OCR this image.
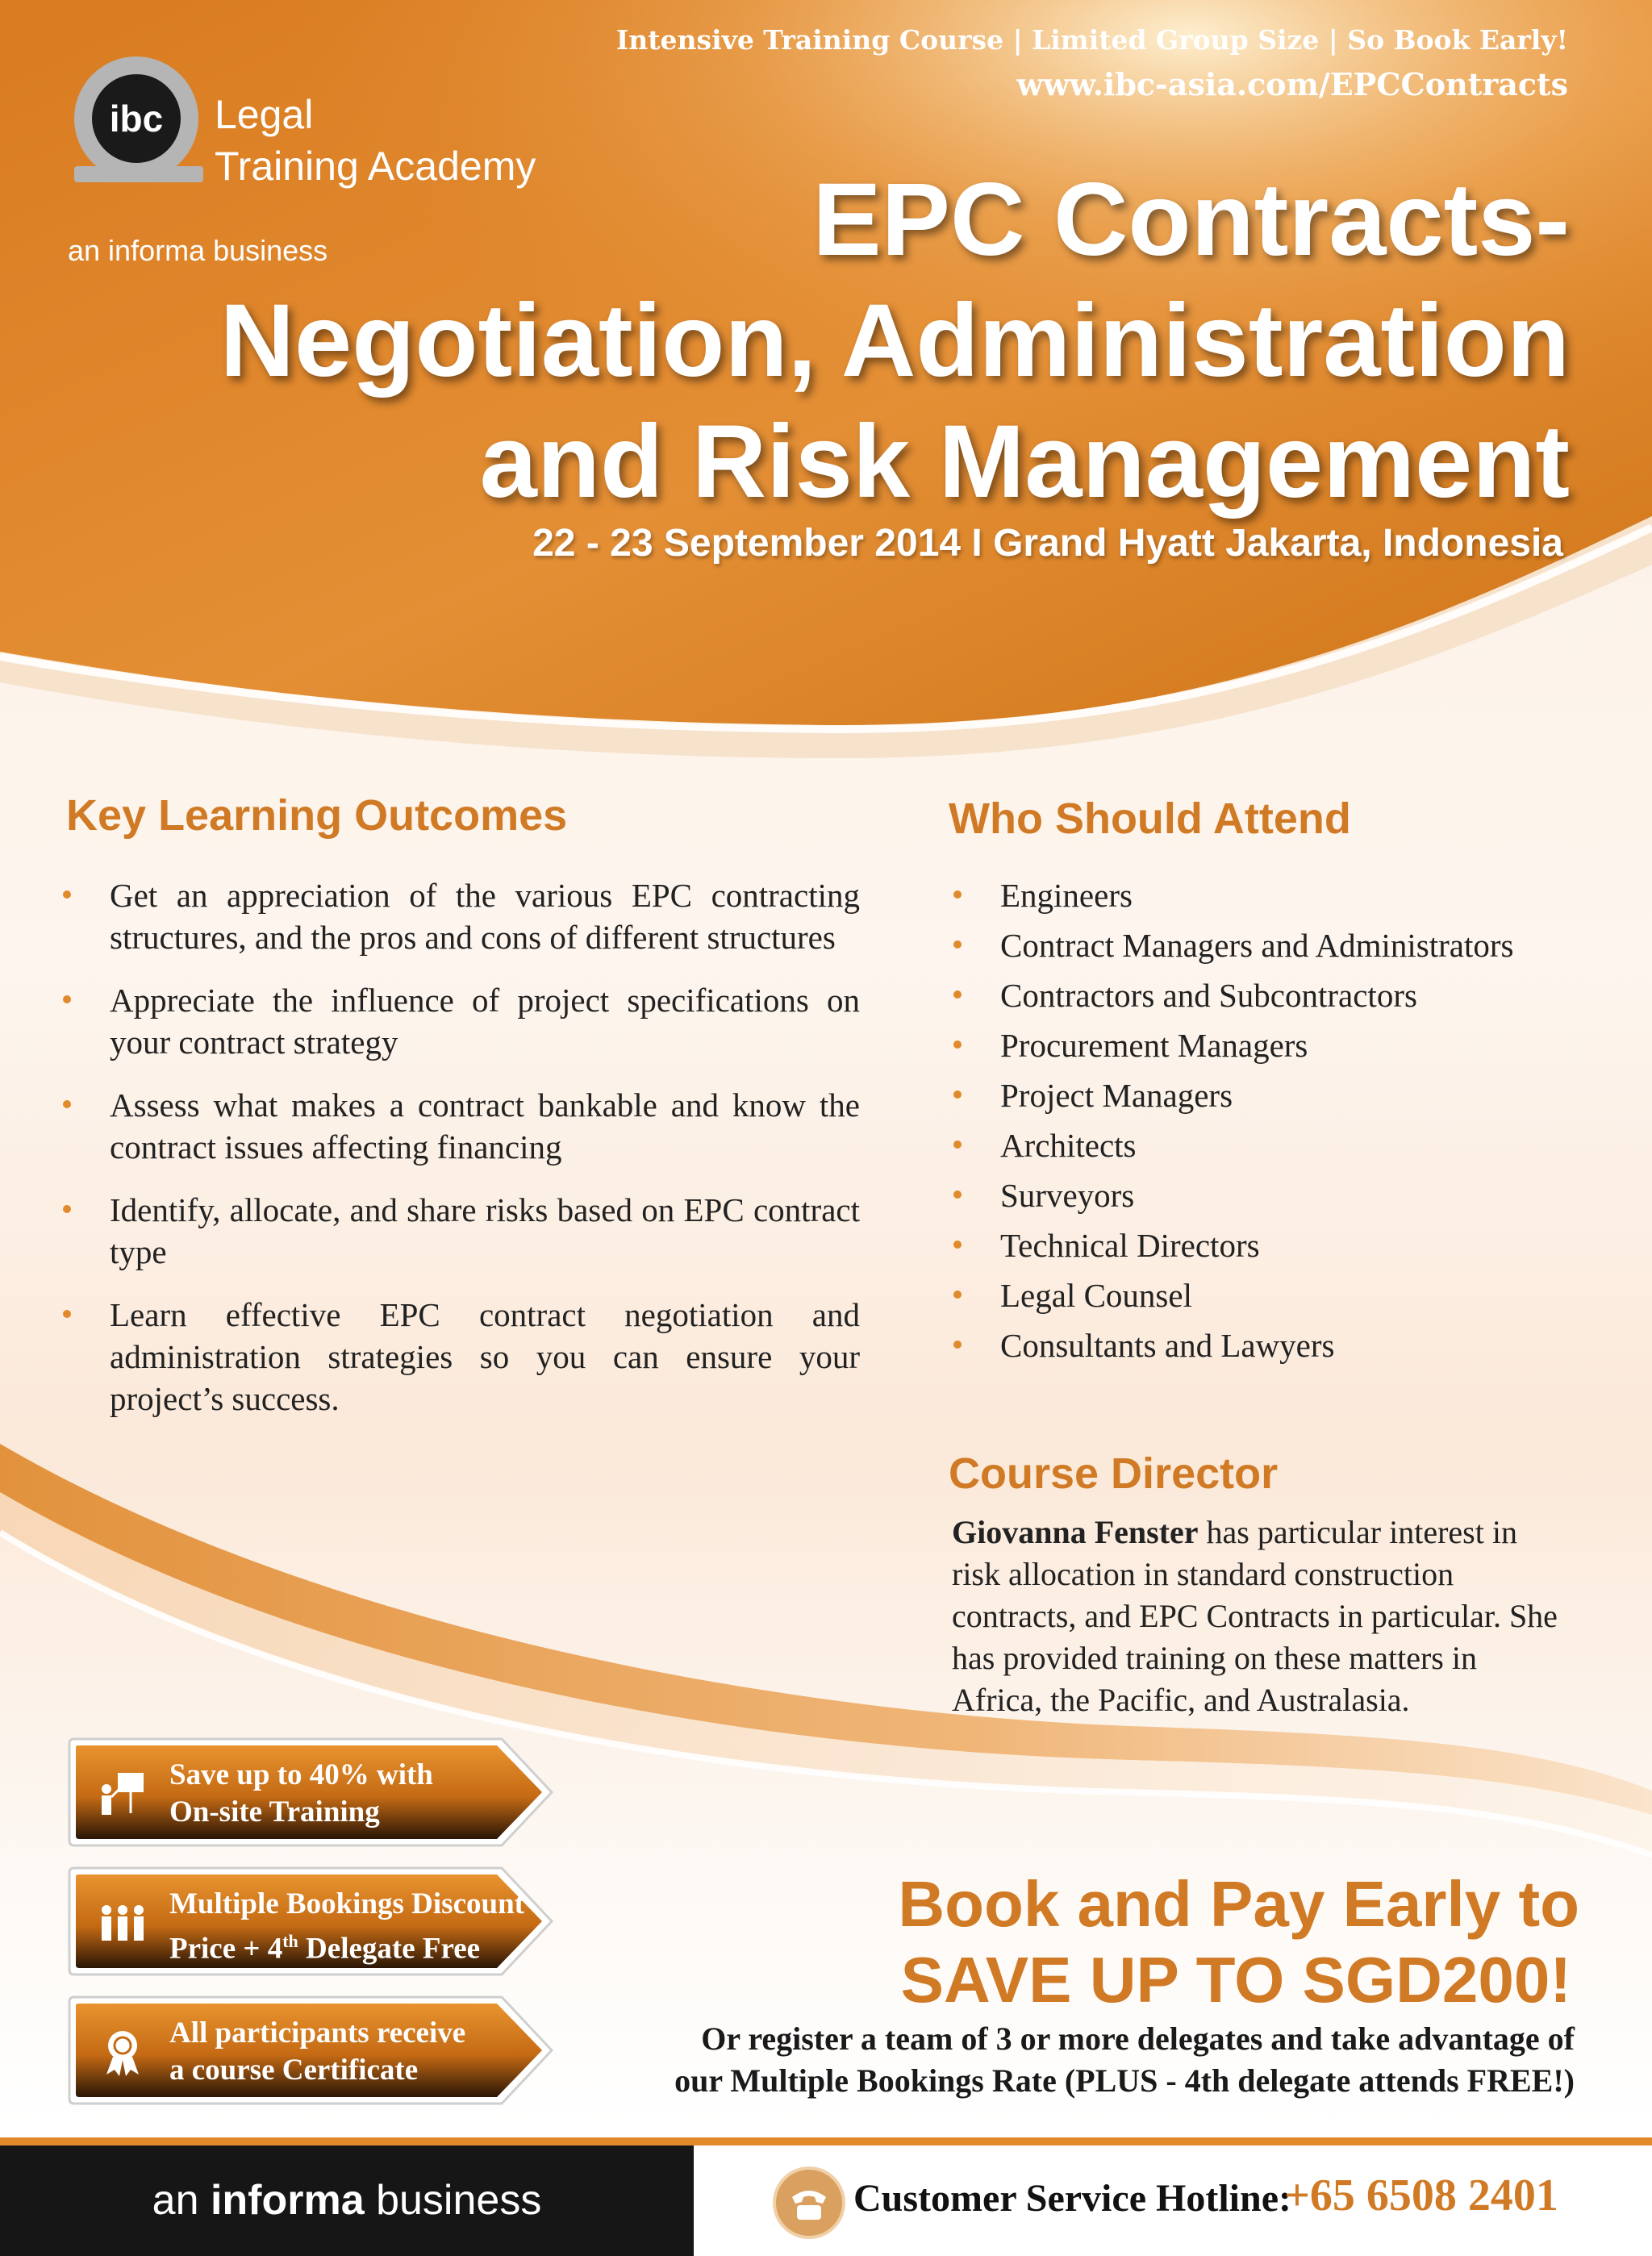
Intensive Training Course | Limited Group Size | So Book Early!
www.ibc-asia.com/EPCContracts
ibc	Legal
Training Academy
an informa business	EPC Contracts-
Negotiation, Administration
and Risk Management
22 - 23 September 2014 I Grand Hyatt Jakarta, Indonesia
Key Learning Outcomes
Get an appreciation of the various EPC contracting structures, and the pros and cons of different structures
Appreciate the influence of project specifications on your contract strategy
Assess what makes a contract bankable and know the contract issues affecting financing
Identify, allocate, and share risks based on EPC contract type
Learn effective EPC contract negotiation and administration strategies so you can ensure your project’s success.
Who Should Attend
Engineers
Contract Managers and Administrators
Contractors and Subcontractors
Procurement Managers
Project Managers
Architects
Surveyors
Technical Directors
Legal Counsel
Consultants and Lawyers
Course Director
Giovanna Fenster has particular interest in risk allocation in standard construction contracts, and EPC Contracts in particular. She has provided training on these matters in Africa, the Pacific, and Australasia.
Save up to 40% with
On-site Training
Multiple Bookings Discount
Price + 4th Delegate Free
All participants receive
a course Certificate
Book and Pay Early to
SAVE UP TO SGD200!
Or register a team of 3 or more delegates and take advantage of
our Multiple Bookings Rate (PLUS - 4th delegate attends FREE!)
an informa business	Customer Service Hotline:
+65 6508 2401
